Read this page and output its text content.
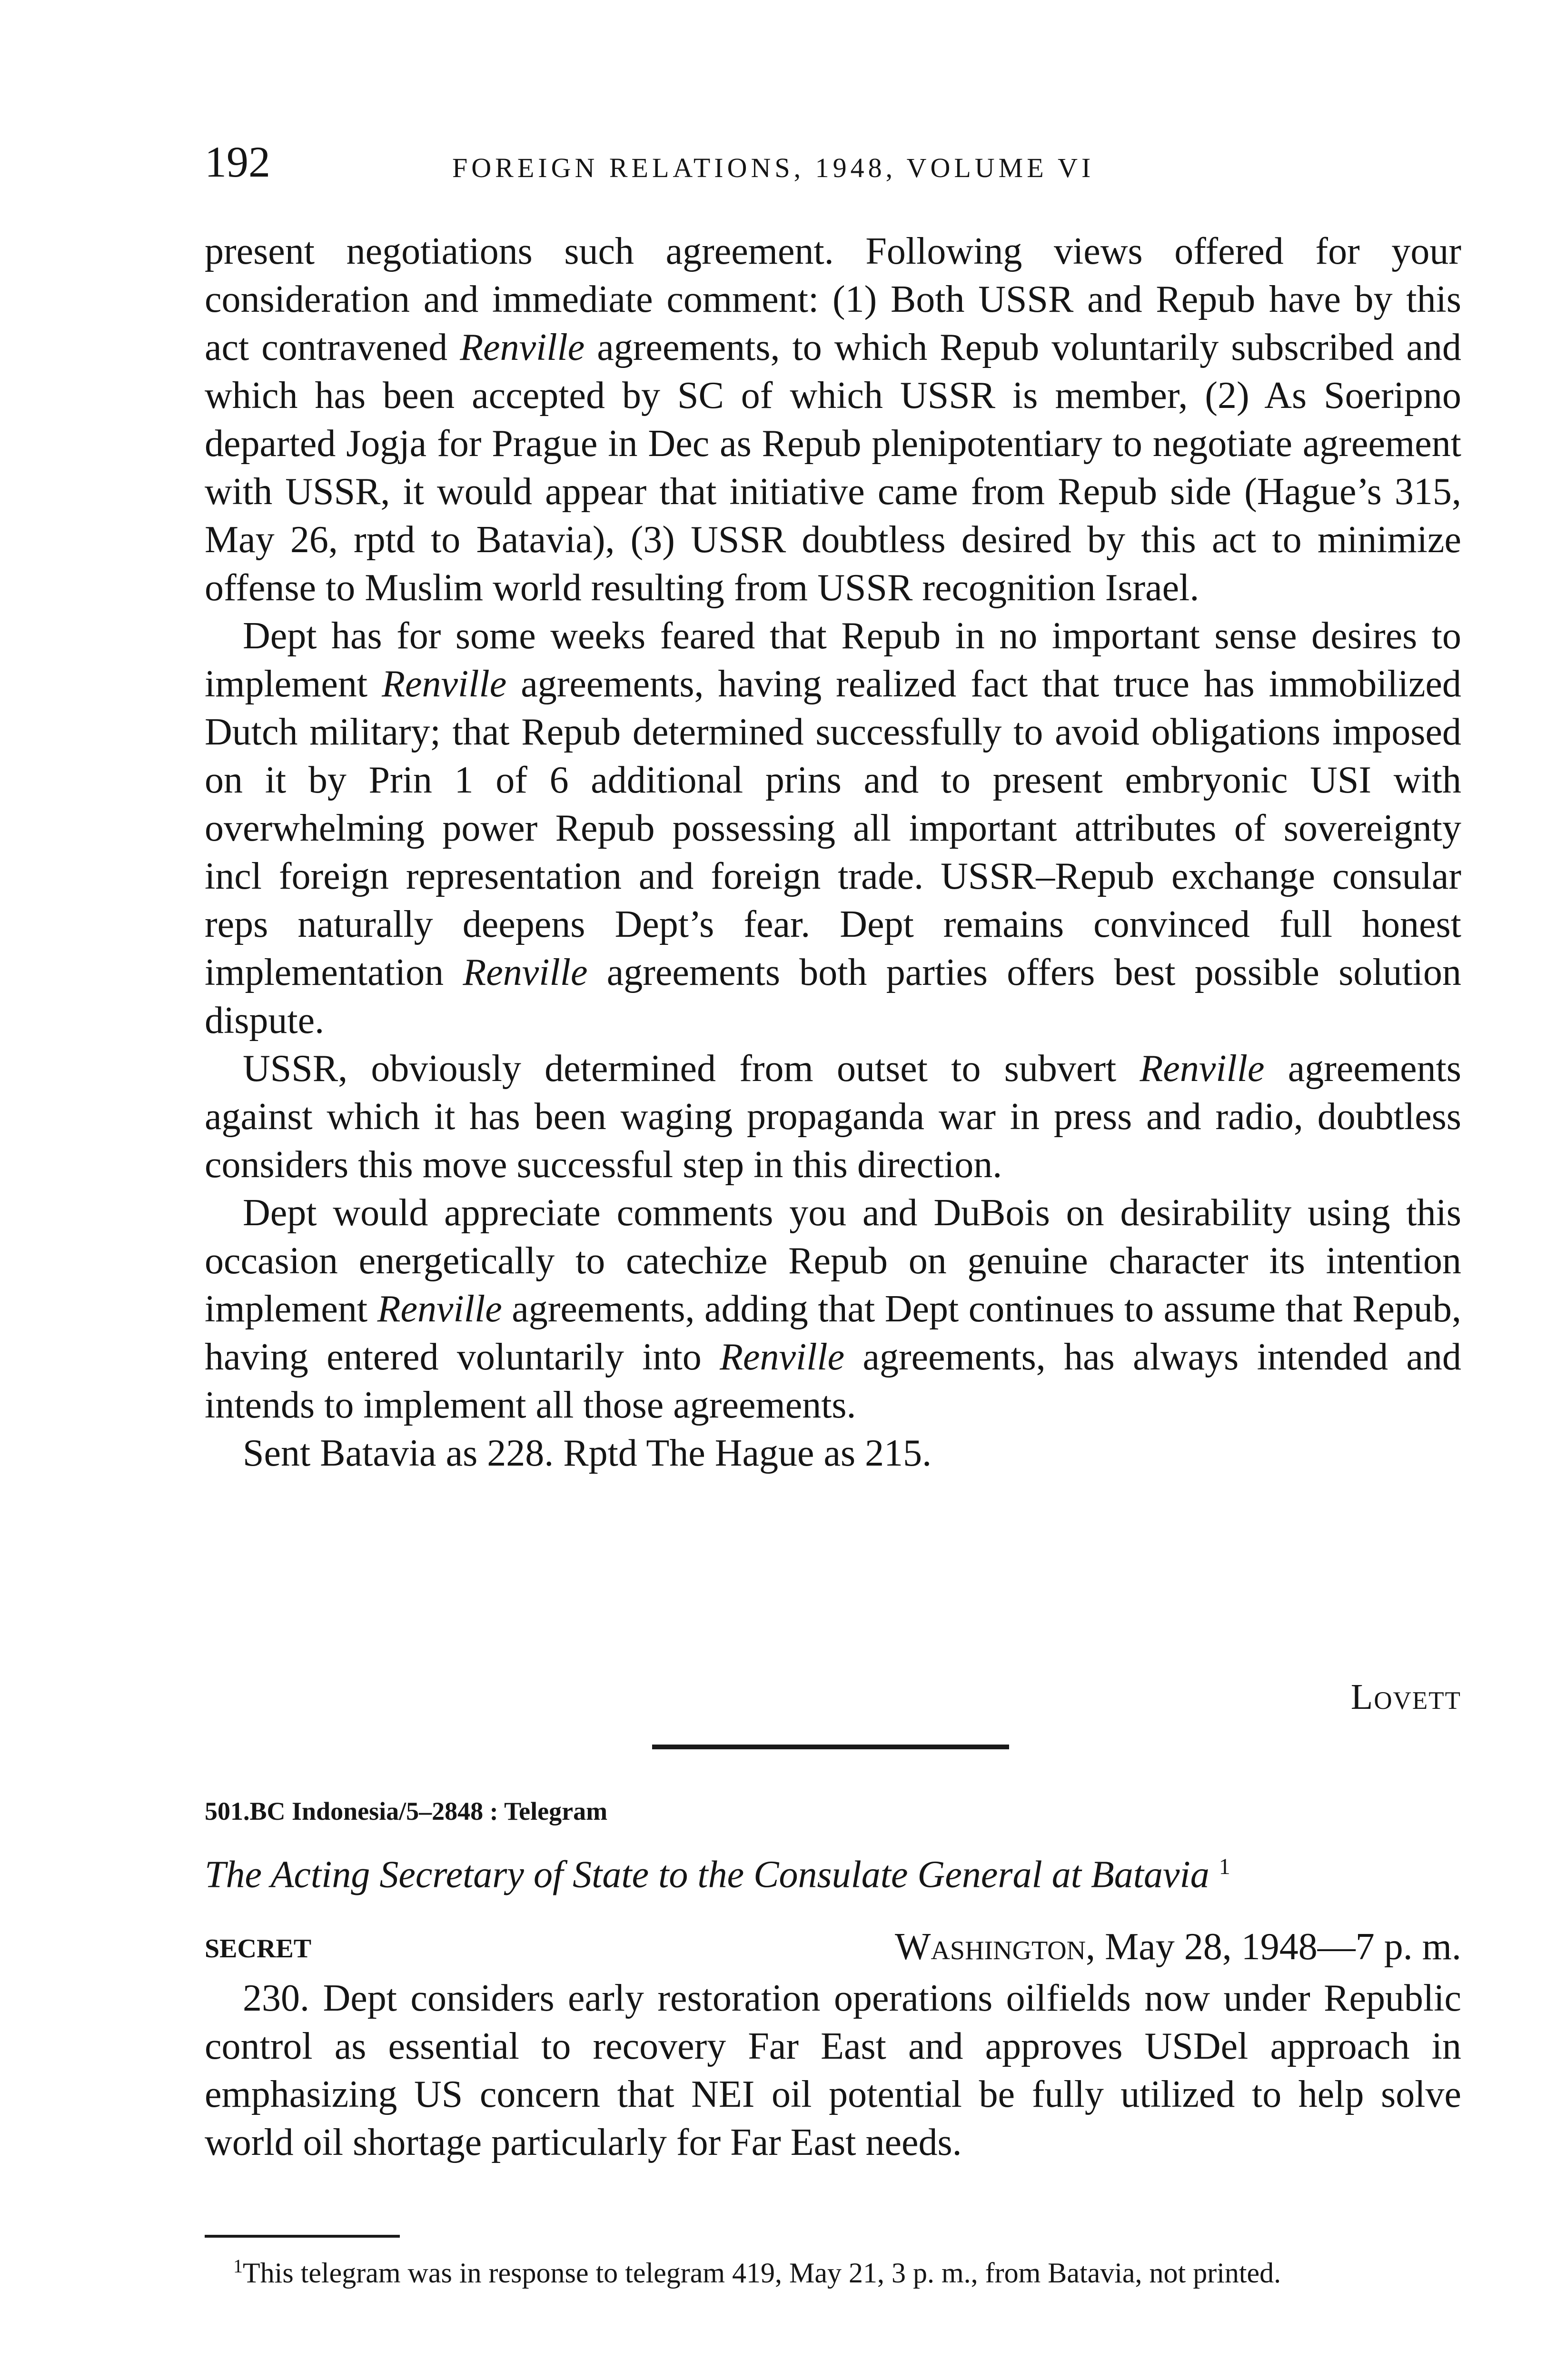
192	FOREIGN RELATIONS, 1948, VOLUME VI

present negotiations such agreement. Following views offered for your consideration and immediate comment: (1) Both USSR and Repub have by this act contravened Renville agreements, to which Repub voluntarily subscribed and which has been accepted by SC of which USSR is member, (2) As Soeripno departed Jogja for Prague in Dec as Repub plenipotentiary to negotiate agreement with USSR, it would appear that initiative came from Repub side (Hague’s 315, May 26, rptd to Batavia), (3) USSR doubtless desired by this act to minimize offense to Muslim world resulting from USSR recognition Israel.

Dept has for some weeks feared that Repub in no important sense desires to implement Renville agreements, having realized fact that truce has immobilized Dutch military; that Repub determined successfully to avoid obligations imposed on it by Prin 1 of 6 additional prins and to present embryonic USI with overwhelming power Repub possessing all important attributes of sovereignty incl foreign representation and foreign trade. USSR–Repub exchange consular reps naturally deepens Dept’s fear. Dept remains convinced full honest implementation Renville agreements both parties offers best possible solution dispute.

USSR, obviously determined from outset to subvert Renville agreements against which it has been waging propaganda war in press and radio, doubtless considers this move successful step in this direction.

Dept would appreciate comments you and DuBois on desirability using this occasion energetically to catechize Repub on genuine character its intention implement Renville agreements, adding that Dept continues to assume that Repub, having entered voluntarily into Renville agreements, has always intended and intends to implement all those agreements.

Sent Batavia as 228. Rptd The Hague as 215.

Lovett
501.BC Indonesia/5–2848 : Telegram
The Acting Secretary of State to the Consulate General at Batavia $^1$
SECRET	Washington, May 28, 1948—7 p. m.

230. Dept considers early restoration operations oilfields now under Republic control as essential to recovery Far East and approves USDel approach in emphasizing US concern that NEI oil potential be fully utilized to help solve world oil shortage particularly for Far East needs.

$^1$This telegram was in response to telegram 419, May 21, 3 p. m., from Batavia, not printed.
